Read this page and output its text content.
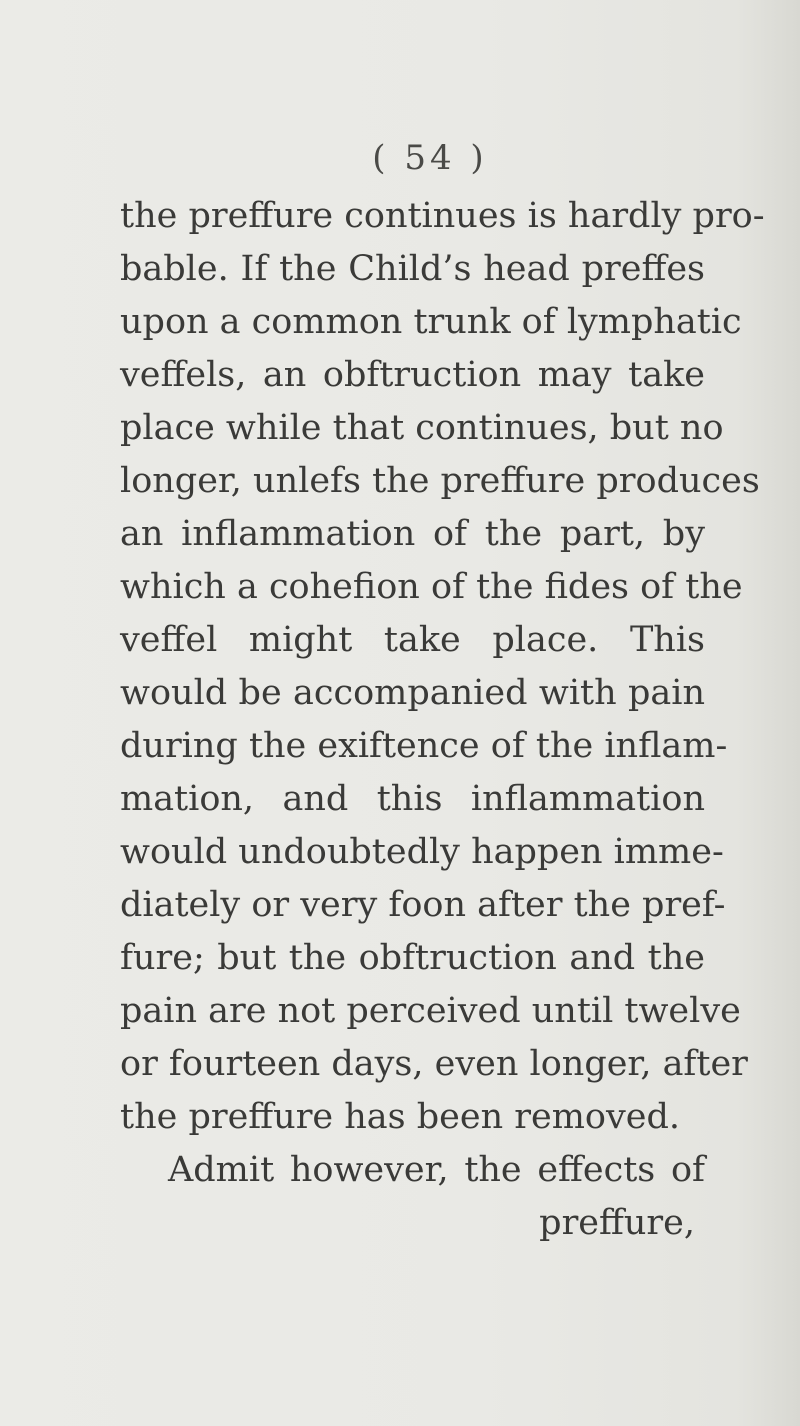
( 54 )
the preffure continues is hardly pro-
bable. If the Child’s head preffes
upon a common trunk of lymphatic
veffels, an obftruction may take
place while that continues, but no
longer, unlefs the preffure produces
an inflammation of the part, by
which a cohefion of the fides of the
veffel might take place. This
would be accompanied with pain
during the exiftence of the inflam-
mation, and this inflammation
would undoubtedly happen imme-
diately or very foon after the pref-
fure; but the obftruction and the
pain are not perceived until twelve
or fourteen days, even longer, after
the preffure has been removed.
Admit however, the effects of
preffure,
